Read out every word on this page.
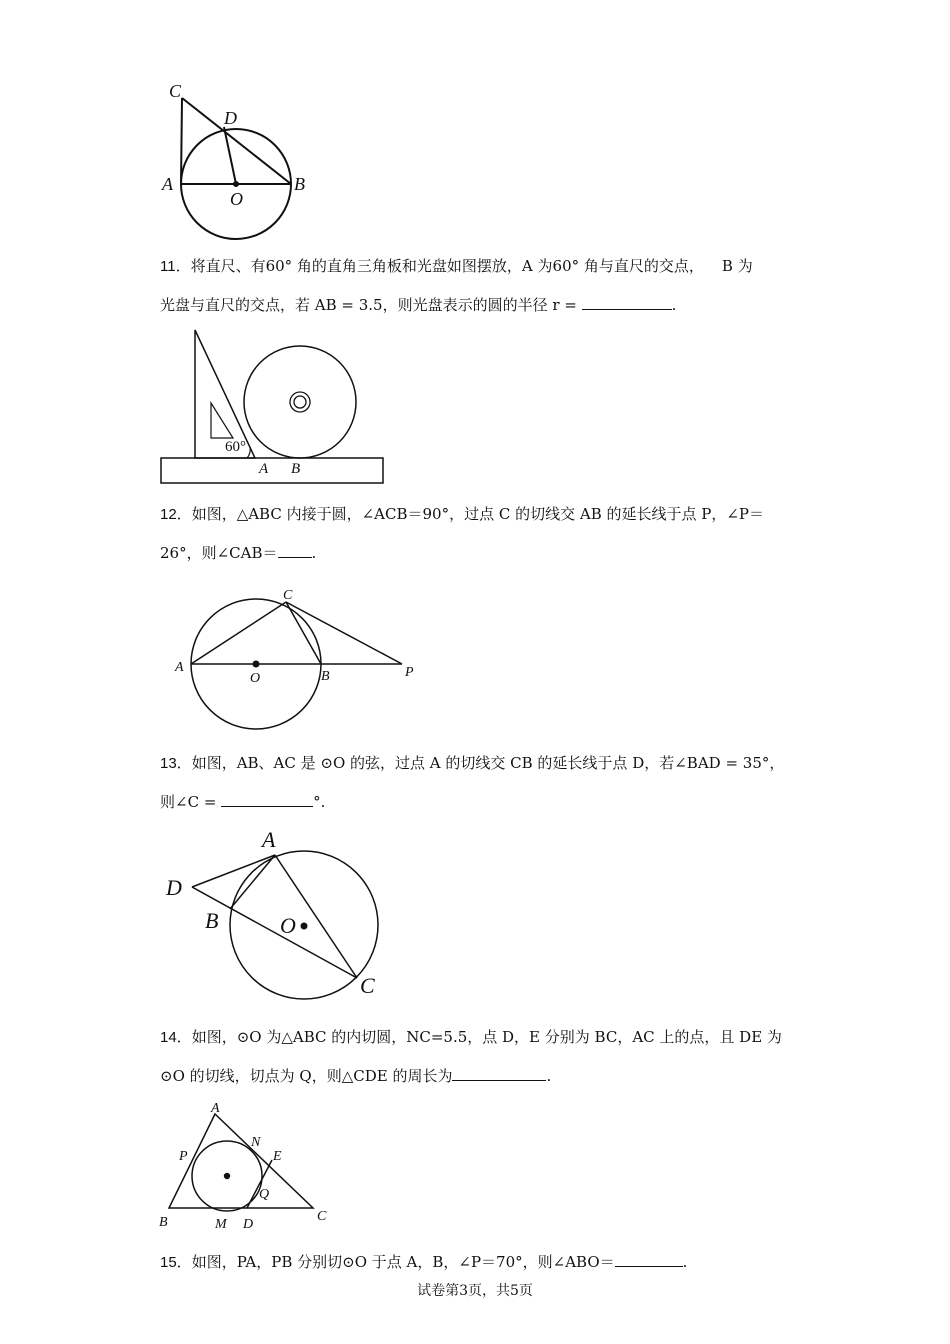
C
D
A
O
B
11．将直尺、有60° 角的直角三角板和光盘如图摆放，A 为60° 角与直尺的交点， B 为
光盘与直尺的交点，若 AB = 3.5，则光盘表示的圆的半径 r =	.
60°
A B
12．如图，△ABC 内接于圆，∠ACB＝90°，过点 C 的切线交 AB 的延长线于点 P，∠P＝
26°，则∠CAB＝ .
C
A
O	B	P
13．如图，AB、AC 是 ⊙O 的弦，过点 A 的切线交 CB 的延长线于点 D，若∠BAD = 35°，
则∠C =	°.
A
D
B	O
C
14．如图，⊙O 为△ABC 的内切圆，NC=5.5，点 D，E 分别为 BC，AC 上的点，且 DE 为
⊙O 的切线，切点为 Q，则△CDE 的周长为	.
A
P
N
E
Q
B	M D
C
15．如图，PA，PB 分别切⊙O 于点 A，B，∠P＝70°，则∠ABO＝	.
试卷第3页，共5页
